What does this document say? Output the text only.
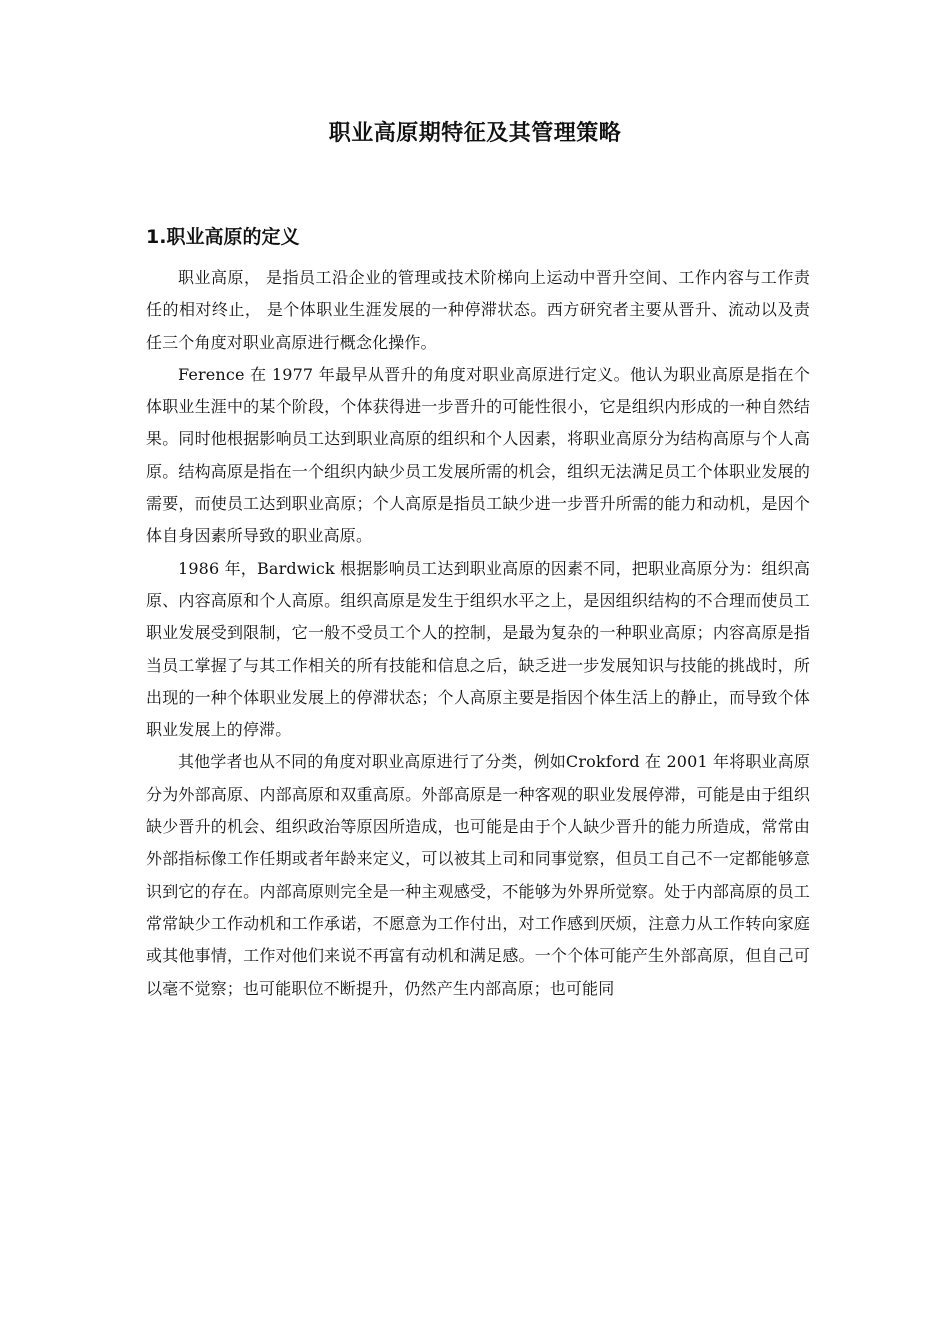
职业高原期特征及其管理策略
1.职业高原的定义

职业高原， 是指员工沿企业的管理或技术阶梯向上运动中晋升空间、工作内容与工作责任的相对终止， 是个体职业生涯发展的一种停滞状态。西方研究者主要从晋升、流动以及责任三个角度对职业高原进行概念化操作。

Ference 在 1977 年最早从晋升的角度对职业高原进行定义。他认为职业高原是指在个体职业生涯中的某个阶段，个体获得进一步晋升的可能性很小，它是组织内形成的一种自然结果。同时他根据影响员工达到职业高原的组织和个人因素，将职业高原分为结构高原与个人高原。结构高原是指在一个组织内缺少员工发展所需的机会，组织无法满足员工个体职业发展的需要，而使员工达到职业高原；个人高原是指员工缺少进一步晋升所需的能力和动机，是因个体自身因素所导致的职业高原。

1986 年，Bardwick 根据影响员工达到职业高原的因素不同，把职业高原分为：组织高原、内容高原和个人高原。组织高原是发生于组织水平之上，是因组织结构的不合理而使员工职业发展受到限制，它一般不受员工个人的控制，是最为复杂的一种职业高原；内容高原是指当员工掌握了与其工作相关的所有技能和信息之后，缺乏进一步发展知识与技能的挑战时，所出现的一种个体职业发展上的停滞状态；个人高原主要是指因个体生活上的静止，而导致个体职业发展上的停滞。

其他学者也从不同的角度对职业高原进行了分类，例如Crokford 在 2001 年将职业高原分为外部高原、内部高原和双重高原。外部高原是一种客观的职业发展停滞，可能是由于组织缺少晋升的机会、组织政治等原因所造成，也可能是由于个人缺少晋升的能力所造成，常常由外部指标像工作任期或者年龄来定义，可以被其上司和同事觉察，但员工自己不一定都能够意识到它的存在。内部高原则完全是一种主观感受，不能够为外界所觉察。处于内部高原的员工常常缺少工作动机和工作承诺，不愿意为工作付出，对工作感到厌烦，注意力从工作转向家庭或其他事情，工作对他们来说不再富有动机和满足感。一个个体可能产生外部高原，但自己可以毫不觉察；也可能职位不断提升，仍然产生内部高原；也可能同
